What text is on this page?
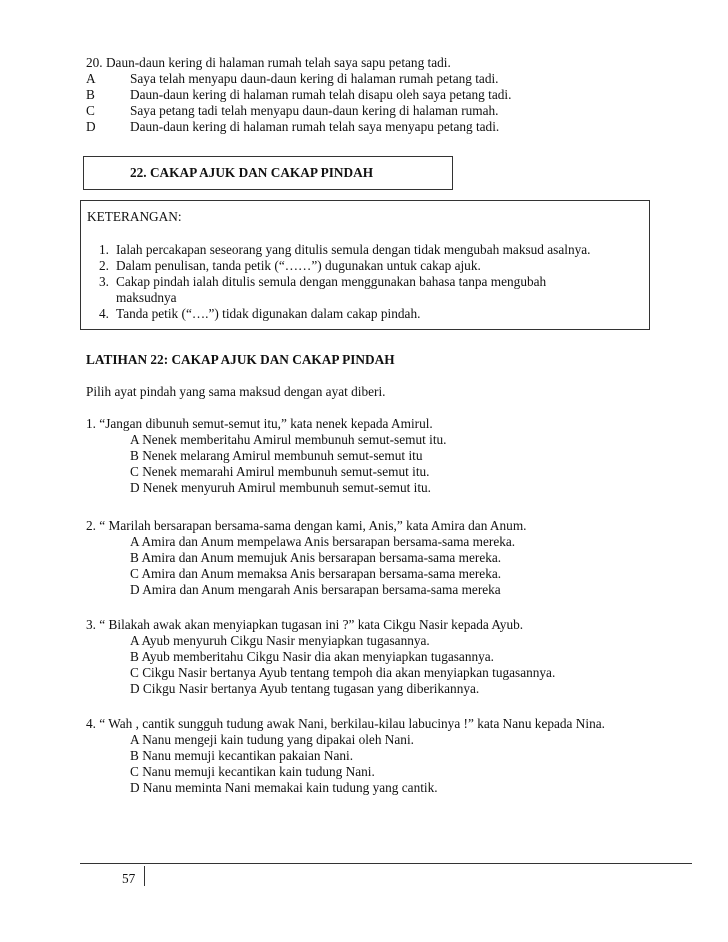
20. Daun-daun kering di halaman rumah telah saya sapu petang tadi.
A	Saya telah menyapu daun-daun kering di halaman rumah petang tadi.
B	Daun-daun kering di halaman rumah telah disapu oleh saya petang tadi.
C	Saya petang tadi telah menyapu daun-daun kering di halaman rumah.
D	Daun-daun kering di halaman rumah telah saya menyapu petang tadi.
22. CAKAP AJUK DAN CAKAP PINDAH
KETERANGAN:
1. Ialah percakapan seseorang yang ditulis semula dengan tidak mengubah maksud asalnya.
2. Dalam penulisan, tanda petik (“……”) dugunakan untuk cakap ajuk.
3. Cakap pindah ialah ditulis semula dengan menggunakan bahasa tanpa mengubah
maksudnya
4. Tanda petik (“….”) tidak digunakan dalam cakap pindah.
LATIHAN 22: CAKAP AJUK DAN CAKAP PINDAH
Pilih ayat pindah yang sama maksud dengan ayat diberi.
1. “Jangan dibunuh semut-semut itu,” kata nenek kepada Amirul.
A Nenek memberitahu Amirul membunuh semut-semut itu.
B Nenek melarang Amirul membunuh semut-semut itu
C Nenek memarahi Amirul membunuh semut-semut itu.
D Nenek menyuruh Amirul membunuh semut-semut itu.
2. “ Marilah bersarapan bersama-sama dengan kami, Anis,” kata Amira dan Anum.
A Amira dan Anum mempelawa Anis bersarapan bersama-sama mereka.
B Amira dan Anum memujuk Anis bersarapan bersama-sama mereka.
C Amira dan Anum memaksa Anis bersarapan bersama-sama mereka.
D Amira dan Anum mengarah Anis bersarapan bersama-sama mereka
3. “ Bilakah awak akan menyiapkan tugasan ini ?” kata Cikgu Nasir kepada Ayub.
A Ayub menyuruh Cikgu Nasir menyiapkan tugasannya.
B Ayub memberitahu Cikgu Nasir dia akan menyiapkan tugasannya.
C Cikgu Nasir bertanya Ayub tentang tempoh dia akan menyiapkan tugasannya.
D Cikgu Nasir bertanya Ayub tentang tugasan yang diberikannya.
4. “ Wah , cantik sungguh tudung awak Nani, berkilau-kilau labucinya !” kata Nanu kepada Nina.
A Nanu mengeji kain tudung yang dipakai oleh Nani.
B Nanu memuji kecantikan pakaian Nani.
C Nanu memuji kecantikan kain tudung Nani.
D Nanu meminta Nani memakai kain tudung yang cantik.
57
